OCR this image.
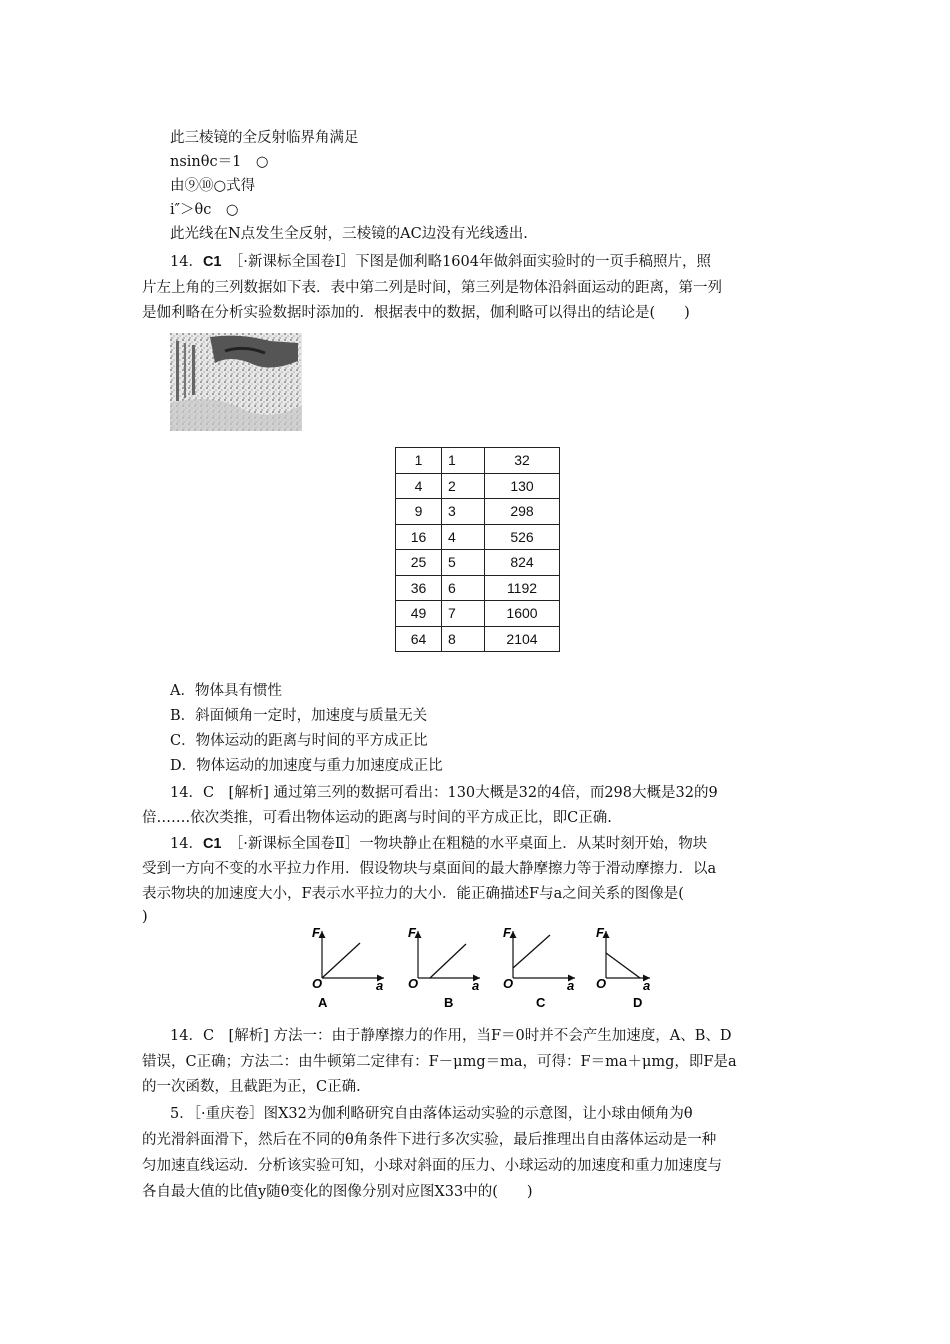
此三棱镜的全反射临界角满足
nsinθc＝1　○
由⑨⑩○式得
i″＞θc　○
此光线在N点发生全反射，三棱镜的AC边没有光线透出.
14．C1　 ［·新课标全国卷Ⅰ］下图是伽利略1604年做斜面实验时的一页手稿照片，照
片左上角的三列数据如下表．表中第二列是时间，第三列是物体沿斜面运动的距离，第一列
是伽利略在分析实验数据时添加的．根据表中的数据，伽利略可以得出的结论是(　　)
1	1	32
4	2	130
9	3	298
16	4	526
25	5	824
36	6	1192
49	7	1600
64	8	2104
A．物体具有惯性
B．斜面倾角一定时，加速度与质量无关
C．物体运动的距离与时间的平方成正比
D．物体运动的加速度与重力加速度成正比
14．C　[解析] 通过第三列的数据可看出：130大概是32的4倍，而298大概是32的9
倍…….依次类推，可看出物体运动的距离与时间的平方成正比，即C正确.
14．C1　 ［·新课标全国卷Ⅱ］一物块静止在粗糙的水平桌面上．从某时刻开始，物块
受到一方向不变的水平拉力作用．假设物块与桌面间的最大静摩擦力等于滑动摩擦力．以a
表示物块的加速度大小，F表示水平拉力的大小．能正确描述F与a之间关系的图像是(
)
F
O	a
A
F
O	a
B
F
O	a
C
F
O	a
D
14．C　[解析] 方法一：由于静摩擦力的作用，当F＝0时并不会产生加速度，A、B、D
错误，C正确；方法二：由牛顿第二定律有：F－μmg＝ma，可得：F＝ma＋μmg，即F是a
的一次函数，且截距为正，C正确.
5．［·重庆卷］图X32为伽利略研究自由落体运动实验的示意图，让小球由倾角为θ
的光滑斜面滑下，然后在不同的θ角条件下进行多次实验，最后推理出自由落体运动是一种
匀加速直线运动．分析该实验可知，小球对斜面的压力、小球运动的加速度和重力加速度与
各自最大值的比值y随θ变化的图像分别对应图X33中的(　　)
